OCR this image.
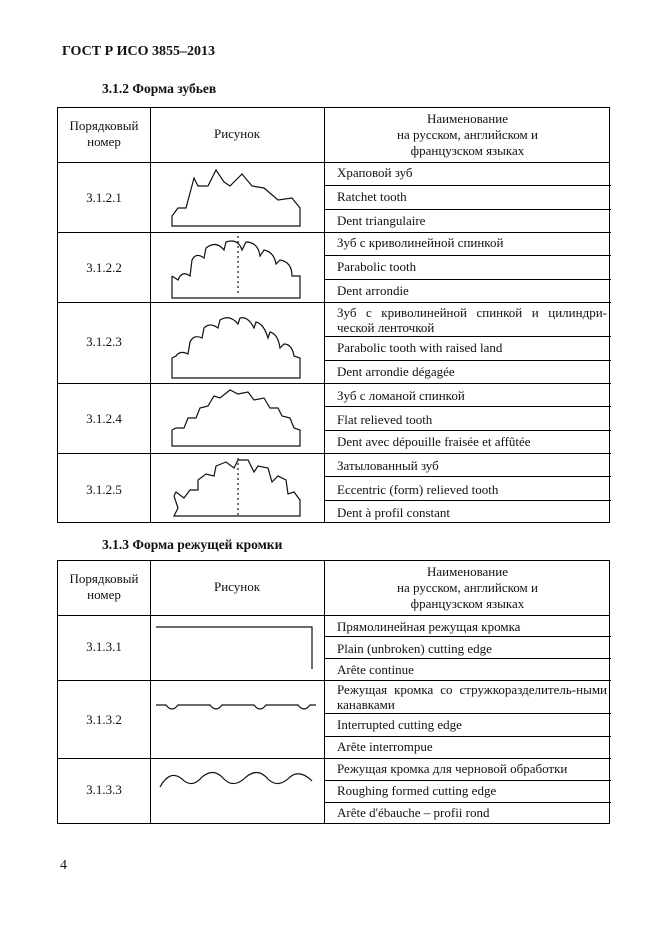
ГОСТ Р ИСО 3855–2013
3.1.2 Форма зубьев
Порядковый
номер
Рисунок
Наименование
на русском, английском и
французском языках
3.1.2.1
Храповой зуб
Ratchet tooth
Dent triangulaire
3.1.2.2
Зуб с криволинейной спинкой
Parabolic tooth
Dent arrondie
3.1.2.3
Зуб с криволинейной спинкой и цилиндри-ческой ленточкой
Parabolic tooth with raised land
Dent arrondie dégagée
3.1.2.4
Зуб с ломаной спинкой
Flat relieved tooth
Dent avec dépouille fraisée et affûtée
3.1.2.5
Затылованный зуб
Eccentric (form) relieved tooth
Dent à profil constant
3.1.3 Форма режущей кромки
Порядковый
номер
Рисунок
Наименование
на русском, английском и
французском языках
3.1.3.1
Прямолинейная режущая кромка
Plain (unbroken) cutting edge
Arête continue
3.1.3.2
Режущая кромка со стружкоразделитель-ными канавками
Interrupted cutting edge
Arête interrompue
3.1.3.3
Режущая кромка для черновой обработки
Roughing formed cutting edge
Arête d'ébauche – profii rond
4
